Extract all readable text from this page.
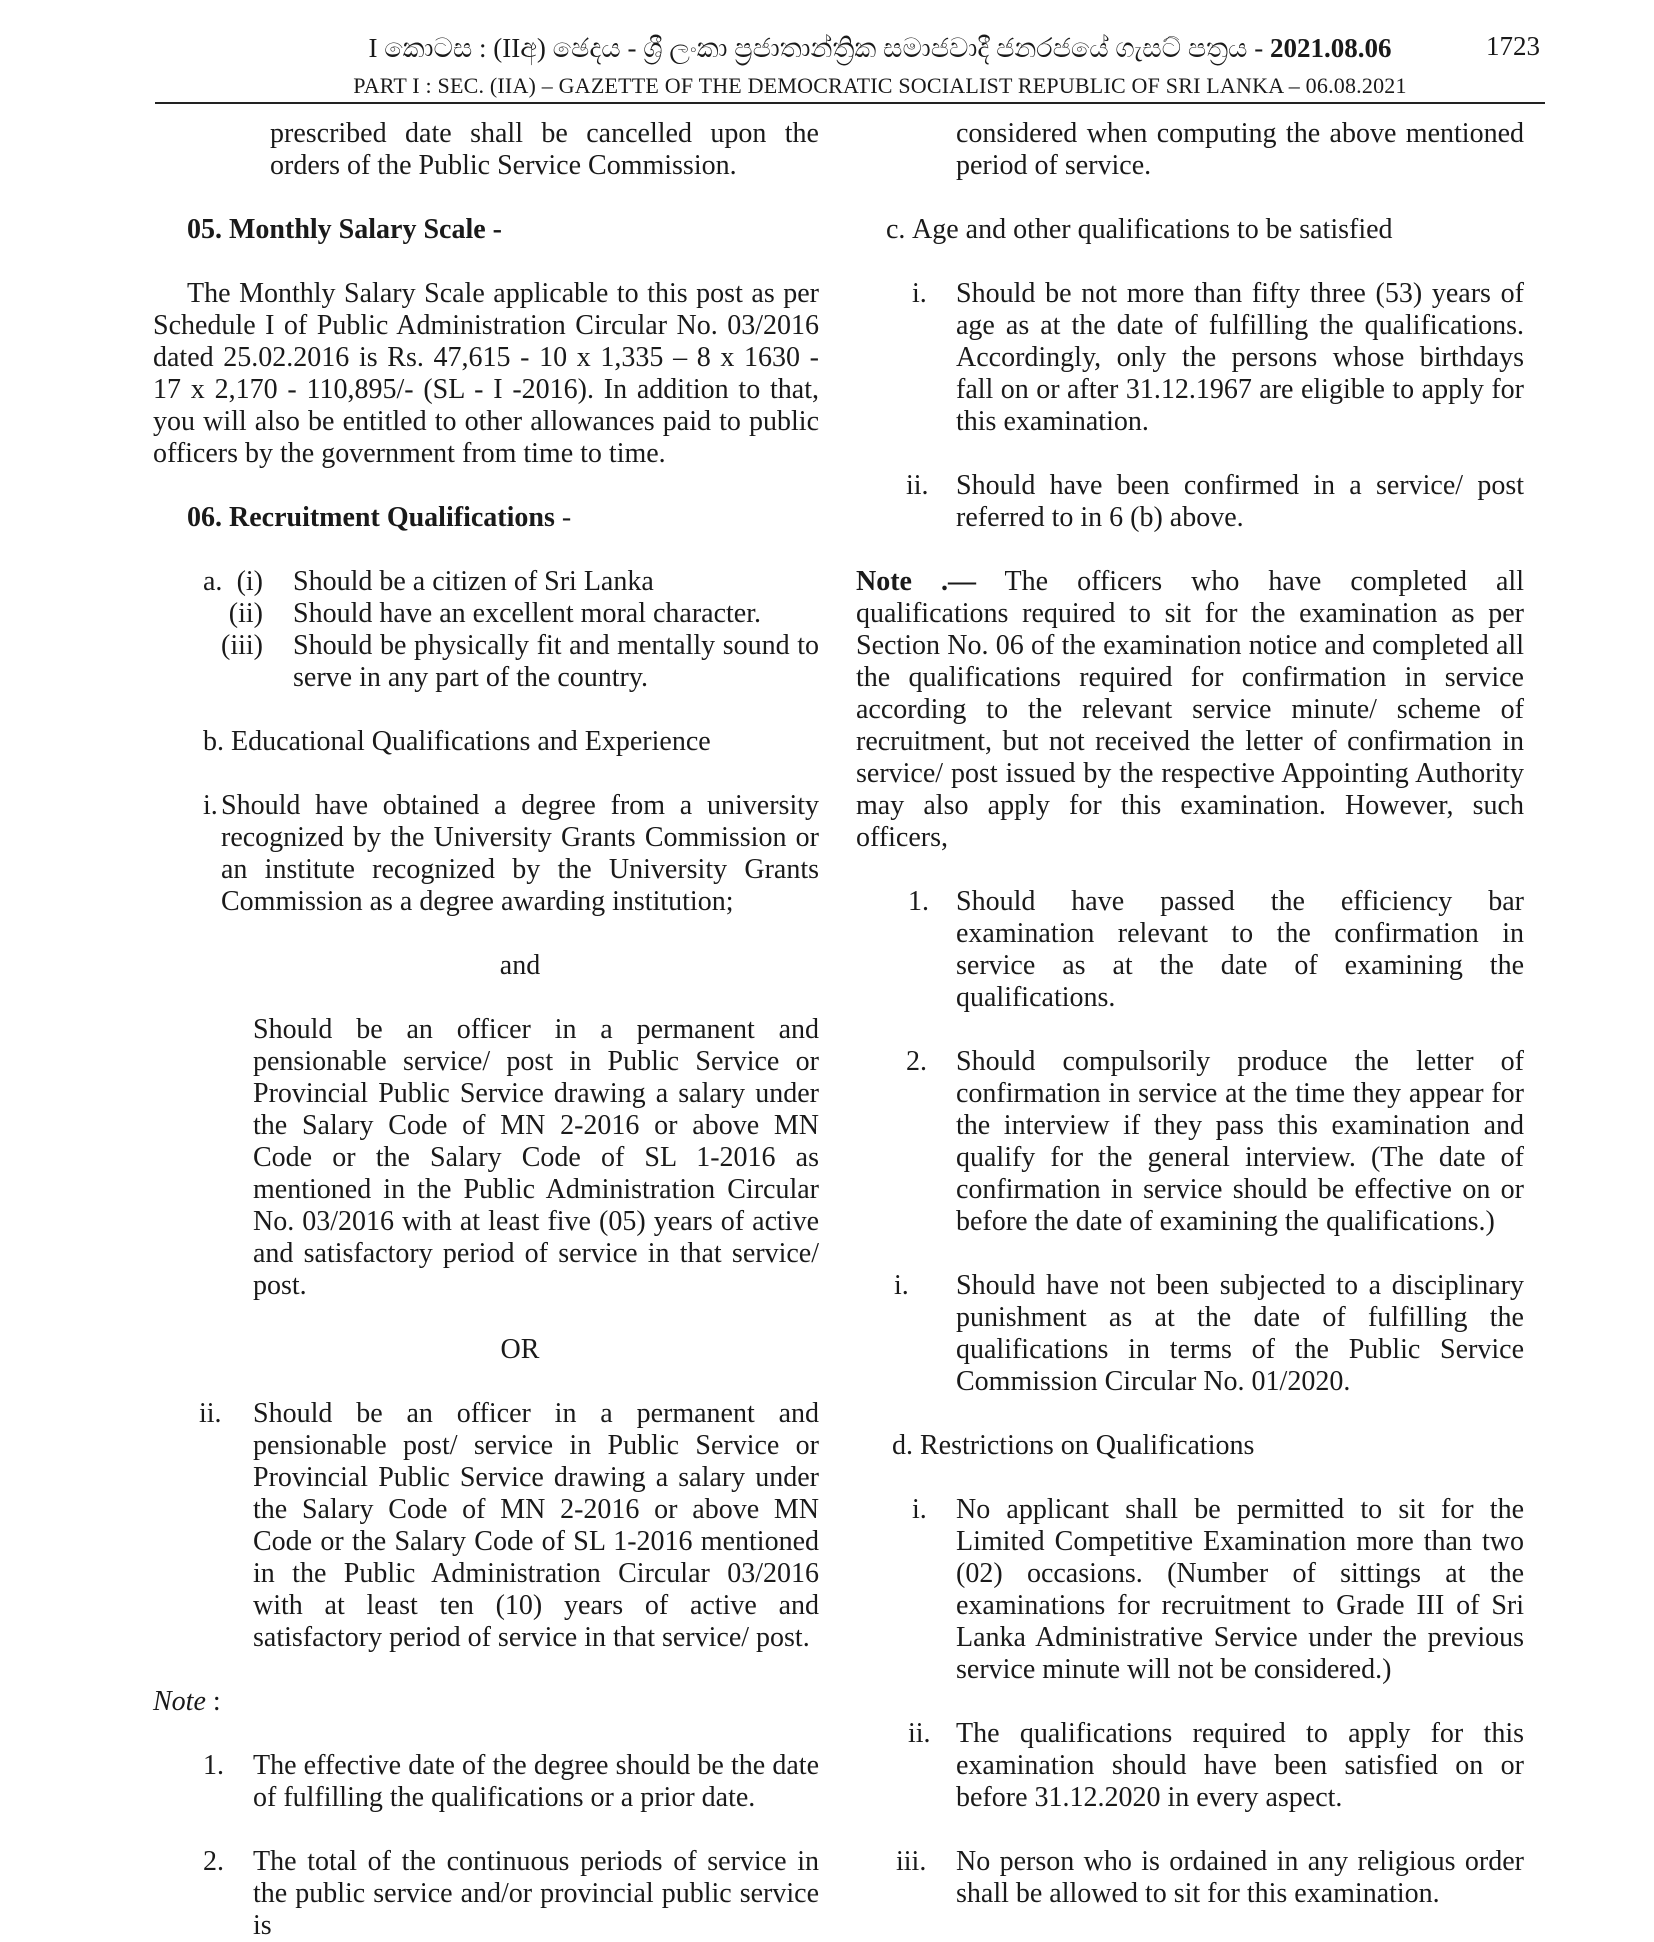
I කොටස : (IIඅ) ඡෙදය - ශ්‍රී ලංකා ප්‍රජාතාන්ත්‍රික සමාජවාදී ජනරජයේ ගැසට් පත්‍රය - 2021.08.06	1723
PART I : SEC. (IIA) – GAZETTE OF THE DEMOCRATIC SOCIALIST REPUBLIC OF SRI LANKA – 06.08.2021
prescribed date shall be cancelled upon the orders of the Public Service Commission.
05. Monthly Salary Scale -
The Monthly Salary Scale applicable to this post as per Schedule I of Public Administration Circular No. 03/2016 dated 25.02.2016 is Rs. 47,615 - 10 x 1,335 – 8 x 1630 - 17 x 2,170 - 110,895/- (SL - I -2016). In addition to that, you will also be entitled to other allowances paid to public officers by the government from time to time.
06. Recruitment Qualifications -
a. (i) Should be a citizen of Sri Lanka
(ii) Should have an excellent moral character.
(iii) Should be physically fit and mentally sound to serve in any part of the country.
b. Educational Qualifications and Experience
i. Should have obtained a degree from a university recognized by the University Grants Commission or an institute recognized by the University Grants Commission as a degree awarding institution;
and
Should be an officer in a permanent and pensionable service/ post in Public Service or Provincial Public Service drawing a salary under the Salary Code of MN 2-2016 or above MN Code or the Salary Code of SL 1-2016 as mentioned in the Public Administration Circular No. 03/2016 with at least five (05) years of active and satisfactory period of service in that service/ post.
OR
ii.	Should be an officer in a permanent and pensionable post/ service in Public Service or Provincial Public Service drawing a salary under the Salary Code of MN 2-2016 or above MN Code or the Salary Code of SL 1-2016 mentioned in the Public Administration Circular 03/2016 with at least ten (10) years of active and satisfactory period of service in that service/ post.
Note :
1.	The effective date of the degree should be the date of fulfilling the qualifications or a prior date.
2.	The total of the continuous periods of service in the public service and/or provincial public service is
considered when computing the above mentioned period of service.
c. Age and other qualifications to be satisfied
i.	Should be not more than fifty three (53) years of age as at the date of fulfilling the qualifications. Accordingly, only the persons whose birthdays fall on or after 31.12.1967 are eligible to apply for this examination.
ii. Should have been confirmed in a service/ post referred to in 6 (b) above.
Note .— The officers who have completed all qualifications required to sit for the examination as per Section No. 06 of the examination notice and completed all the qualifications required for confirmation in service according to the relevant service minute/ scheme of recruitment, but not received the letter of confirmation in service/ post issued by the respective Appointing Authority may also apply for this examination. However, such officers,
1. Should have passed the efficiency bar examination relevant to the confirmation in service as at the date of examining the qualifications.
2.	Should compulsorily produce the letter of confirmation in service at the time they appear for the interview if they pass this examination and qualify for the general interview. (The date of confirmation in service should be effective on or before the date of examining the qualifications.)
i.	Should have not been subjected to a disciplinary punishment as at the date of fulfilling the qualifications in terms of the Public Service Commission Circular No. 01/2020.
d. Restrictions on Qualifications
i.	No applicant shall be permitted to sit for the Limited Competitive Examination more than two (02) occasions. (Number of sittings at the examinations for recruitment to Grade III of Sri Lanka Administrative Service under the previous service minute will not be considered.)
ii. The qualifications required to apply for this examination should have been satisfied on or before 31.12.2020 in every aspect.
iii.	No person who is ordained in any religious order shall be allowed to sit for this examination.
